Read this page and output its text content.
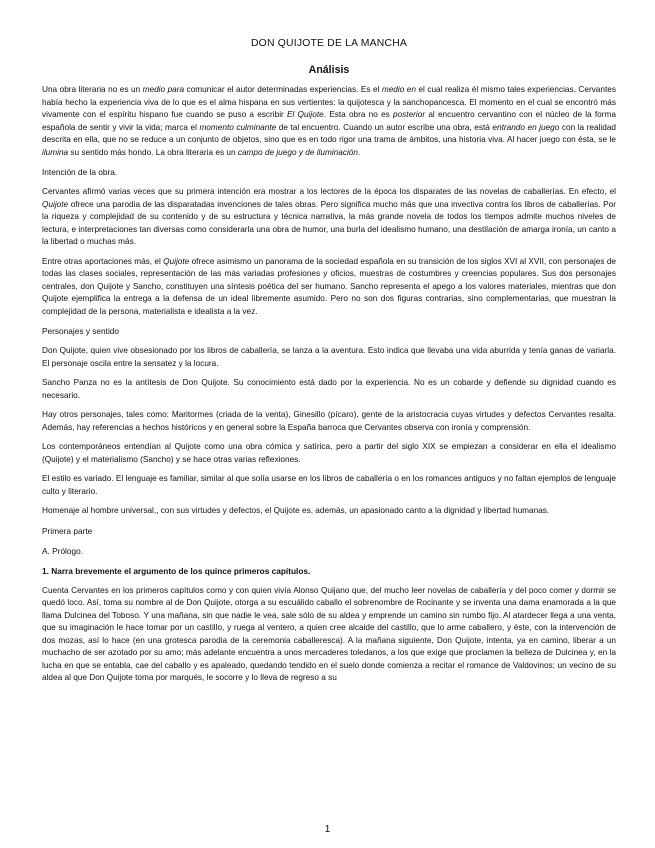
DON QUIJOTE DE LA MANCHA
Análisis

Una obra literaria no es un medio para comunicar el autor determinadas experiencias. Es el medio en el cual realiza él mismo tales experiencias. Cervantes había hecho la experiencia viva de lo que es el alma hispana en sus vertientes: la quijotesca y la sanchopancesca. El momento en el cual se encontró más vivamente con el espíritu hispano fue cuando se puso a escribir El Quijote. Esta obra no es posterior al encuentro cervantino con el núcleo de la forma española de sentir y vivir la vida; marca el momento culminante de tal encuentro. Cuando un autor escribe una obra, está entrando en juego con la realidad descrita en ella, que no se reduce a un conjunto de objetos, sino que es en todo rigor una trama de ámbitos, una historia viva. Al hacer juego con ésta, se le ilumina su sentido más hondo. La obra literaria es un campo de juego y de iluminación.

Intención de la obra.

Cervantes afirmó varias veces que su primera intención era mostrar a los lectores de la época los disparates de las novelas de caballerías. En efecto, el Quijote ofrece una parodia de las disparatadas invenciones de tales obras. Pero significa mucho más que una invectiva contra los libros de caballerías. Por la riqueza y complejidad de su contenido y de su estructura y técnica narrativa, la más grande novela de todos los tiempos admite muchos niveles de lectura, e interpretaciones tan diversas como considerarla una obra de humor, una burla del idealismo humano, una destilación de amarga ironía, un canto a la libertad o muchas más.

Entre otras aportaciones más, el Quijote ofrece asimismo un panorama de la sociedad española en su transición de los siglos XVI al XVII, con personajes de todas las clases sociales, representación de las más variadas profesiones y oficios, muestras de costumbres y creencias populares. Sus dos personajes centrales, don Quijote y Sancho, constituyen una síntesis poética del ser humano. Sancho representa el apego a los valores materiales, mientras que don Quijote ejemplifica la entrega a la defensa de un ideal libremente asumido. Pero no son dos figuras contrarias, sino complementarias, que muestran la complejidad de la persona, materialista e idealista a la vez.

Personajes y sentido

Don Quijote, quien vive obsesionado por los libros de caballería, se lanza a la aventura. Esto indica que llevaba una vida aburrida y tenía ganas de variarla. El personaje oscila entre la sensatez y la locura.

Sancho Panza no es la antítesis de Don Quijote. Su conocimiento está dado por la experiencia. No es un cobarde y defiende su dignidad cuando es necesario.

Hay otros personajes, tales como: Maritormes (criada de la venta), Ginesillo (pícaro), gente de la aristocracia cuyas virtudes y defectos Cervantes resalta. Además, hay referencias a hechos históricos y en general sobre la España barroca que Cervantes observa con ironía y comprensión.

Los contemporáneos entendían al Quijote como una obra cómica y satírica, pero a partir del siglo XIX se empiezan a considerar en ella el idealismo (Quijote) y el materialismo (Sancho) y se hace otras varias reflexiones.

El estilo es variado. El lenguaje es familiar, similar al que solía usarse en los libros de caballería o en los romances antiguos y no faltan ejemplos de lenguaje culto y literario.

Homenaje al hombre universal,, con sus virtudes y defectos, el Quijote es, además, un apasionado canto a la dignidad y libertad humanas.

Primera parte
A. Prólogo.
1. Narra brevemente el argumento de los quince primeros capítulos.

Cuenta Cervantes en los primeros capítulos como y con quien vivía Alonso Quijano que, del mucho leer novelas de caballería y del poco comer y dormir se quedó loco. Así, toma su nombre al de Don Quijote, otorga a su escuálido caballo el sobrenombre de Rocinante y se inventa una dama enamorada a la que llama Dulcinea del Toboso. Y una mañana, sin que nadie le vea, sale sólo de su aldea y emprende un camino sin rumbo fijo. Al atardecer llega a una venta, que su imaginación le hace tomar por un castillo, y ruega al ventero, a quien cree alcaide del castillo, que lo arme caballero, y éste, con la intervención de dos mozas, así lo hace (en una grotesca parodia de la ceremonia caballeresca). A la mañana siguiente, Don Quijote, intenta, ya en camino, liberar a un muchacho de ser azotado por su amo; más adelante encuentra a unos mercaderes toledanos, a los que exige que proclamen la belleza de Dulcinea y, en la lucha en que se entabla, cae del caballo y es apaleado, quedando tendido en el suelo donde comienza a recitar el romance de Valdovinos; un vecino de su aldea al que Don Quijote toma por marqués, le socorre y lo lleva de regreso a su

1
